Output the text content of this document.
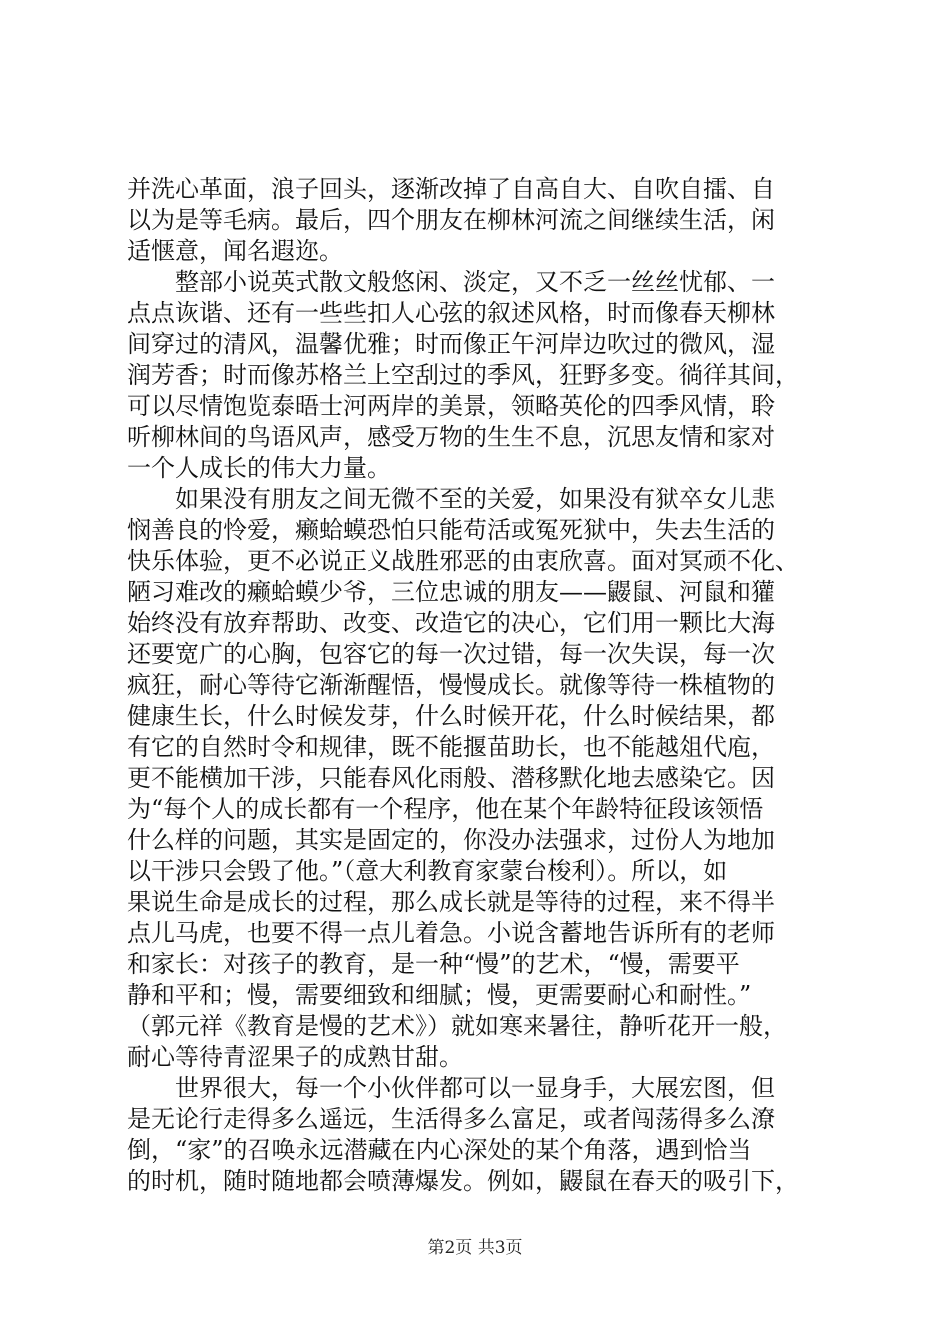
并洗心革面，浪子回头，逐渐改掉了自高自大、自吹自擂、自
以为是等毛病。最后，四个朋友在柳林河流之间继续生活，闲
适惬意，闻名遐迩。
　　整部小说英式散文般悠闲、淡定，又不乏一丝丝忧郁、一
点点诙谐、还有一些些扣人心弦的叙述风格，时而像春天柳林
间穿过的清风，温馨优雅；时而像正午河岸边吹过的微风，湿
润芳香；时而像苏格兰上空刮过的季风，狂野多变。徜徉其间，
可以尽情饱览泰晤士河两岸的美景，领略英伦的四季风情，聆
听柳林间的鸟语风声，感受万物的生生不息，沉思友情和家对
一个人成长的伟大力量。
　　如果没有朋友之间无微不至的关爱，如果没有狱卒女儿悲
悯善良的怜爱，癞蛤蟆恐怕只能苟活或冤死狱中，失去生活的
快乐体验，更不必说正义战胜邪恶的由衷欣喜。面对冥顽不化、
陋习难改的癞蛤蟆少爷，三位忠诚的朋友——鼹鼠、河鼠和獾
始终没有放弃帮助、改变、改造它的决心，它们用一颗比大海
还要宽广的心胸，包容它的每一次过错，每一次失误，每一次
疯狂，耐心等待它渐渐醒悟，慢慢成长。就像等待一株植物的
健康生长，什么时候发芽，什么时候开花，什么时候结果，都
有它的自然时令和规律，既不能揠苗助长，也不能越俎代庖，
更不能横加干涉，只能春风化雨般、潜移默化地去感染它。因
为“每个人的成长都有一个程序，他在某个年龄特征段该领悟
什么样的问题，其实是固定的，你没办法强求，过份人为地加
以干涉只会毁了他。”（意大利教育家蒙台梭利）。所以，如
果说生命是成长的过程，那么成长就是等待的过程，来不得半
点儿马虎，也要不得一点儿着急。小说含蓄地告诉所有的老师
和家长：对孩子的教育，是一种“慢”的艺术，“慢，需要平
静和平和；慢，需要细致和细腻；慢，更需要耐心和耐性。”
（郭元祥《教育是慢的艺术》）就如寒来暑往，静听花开一般，
耐心等待青涩果子的成熟甘甜。
　　世界很大，每一个小伙伴都可以一显身手，大展宏图，但
是无论行走得多么遥远，生活得多么富足，或者闯荡得多么潦
第2页 共3页
倒，“家”的召唤永远潜藏在内心深处的某个角落，遇到恰当
的时机，随时随地都会喷薄爆发。例如，鼹鼠在春天的吸引下，
